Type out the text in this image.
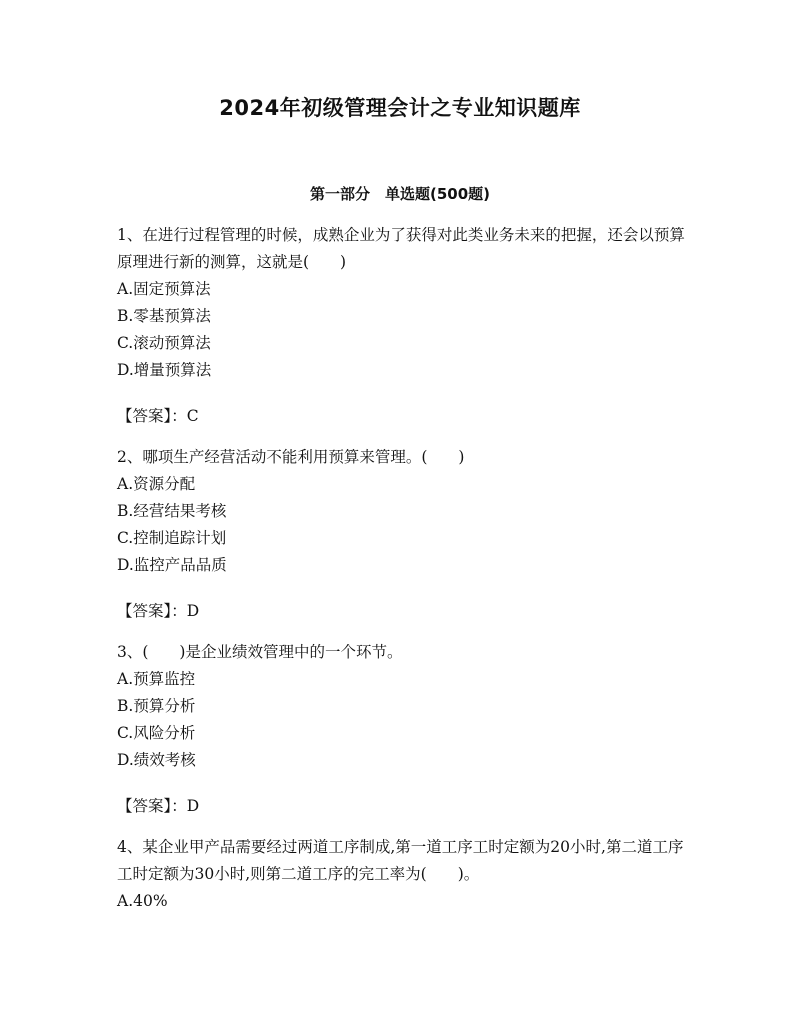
2024年初级管理会计之专业知识题库
第一部分　单选题(500题)

1、在进行过程管理的时候，成熟企业为了获得对此类业务未来的把握，还会以预算原理进行新的测算，这就是(　　)

A.固定预算法

B.零基预算法

C.滚动预算法

D.增量预算法

【答案】：C

2、哪项生产经营活动不能利用预算来管理。(　　)

A.资源分配

B.经营结果考核

C.控制追踪计划

D.监控产品品质

【答案】：D

3、(　　)是企业绩效管理中的一个环节。

A.预算监控

B.预算分析

C.风险分析

D.绩效考核

【答案】：D

4、某企业甲产品需要经过两道工序制成,第一道工序工时定额为20小时,第二道工序工时定额为30小时,则第二道工序的完工率为(　　)。

A.40%
